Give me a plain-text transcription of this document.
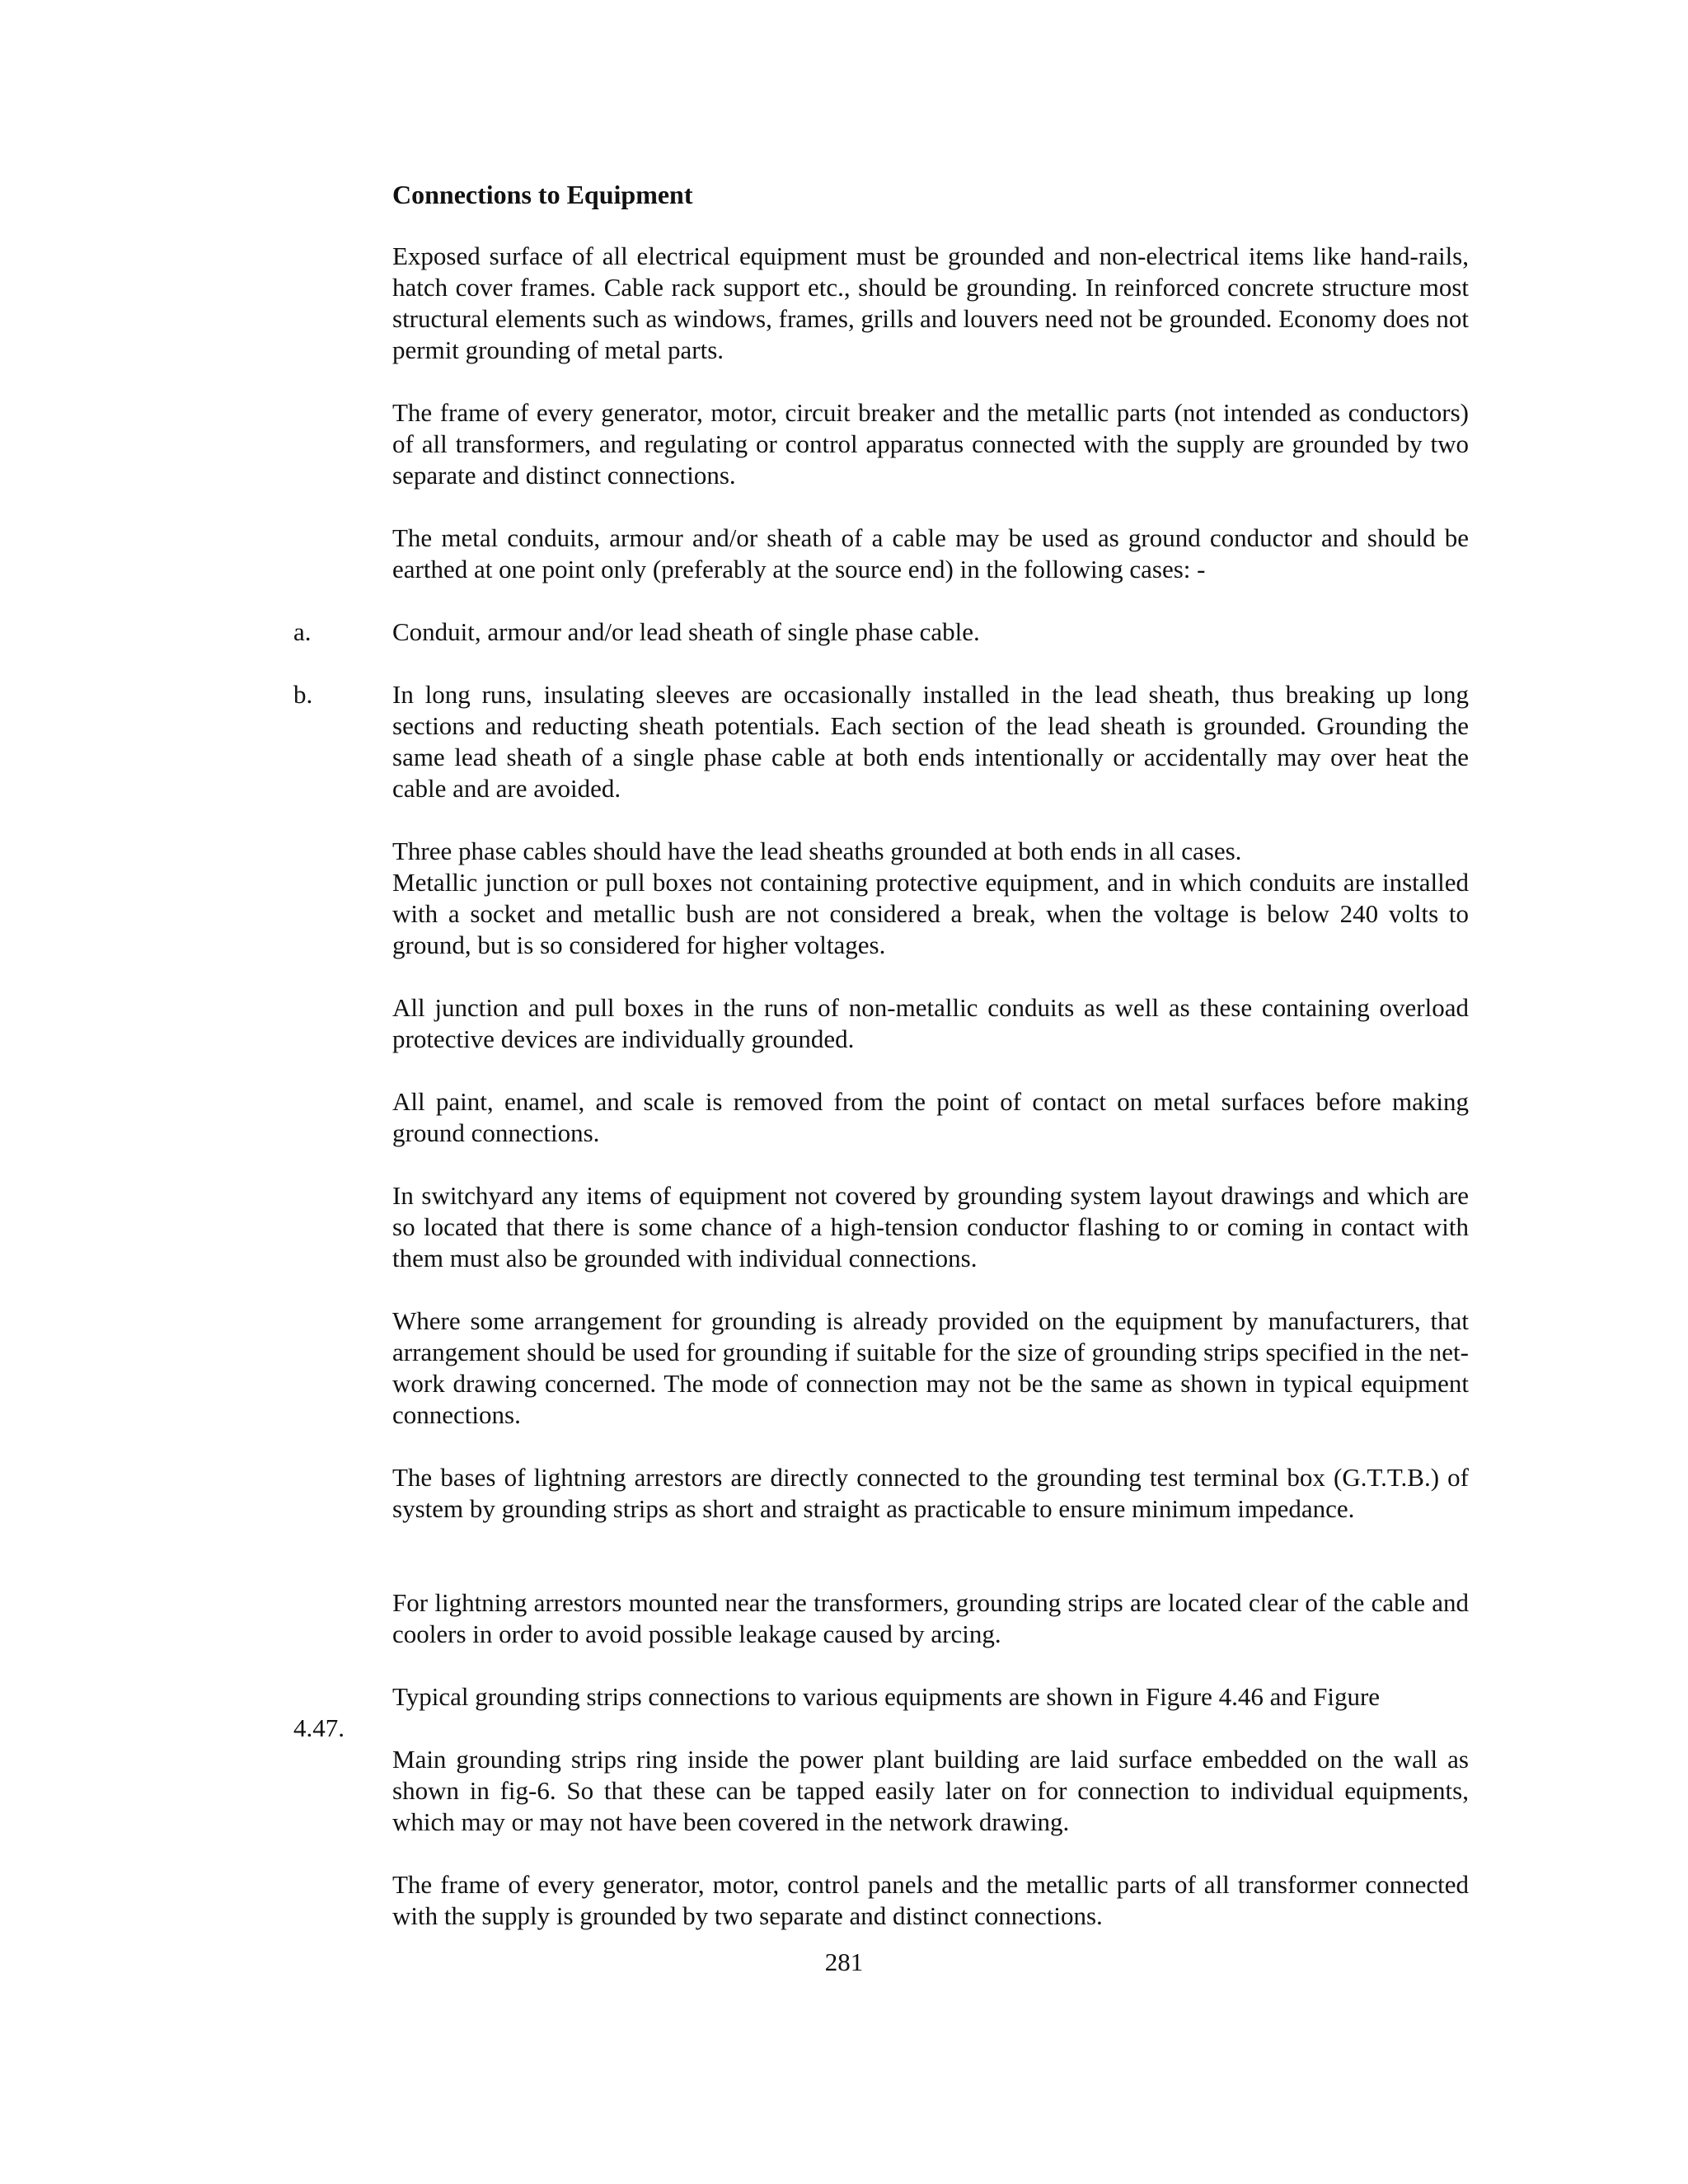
Connections to Equipment

Exposed surface of all electrical equipment must be grounded and non-electrical items like hand-rails, hatch cover frames. Cable rack support etc., should be grounding. In reinforced concrete structure most structural elements such as windows, frames, grills and louvers need not be grounded. Economy does not permit grounding of metal parts.

The frame of every generator, motor, circuit breaker and the metallic parts (not intended as conductors) of all transformers, and regulating or control apparatus connected with the supply are grounded by two separate and distinct connections.

The metal conduits, armour and/or sheath of a cable may be used as ground conductor and should be earthed at one point only (preferably at the source end) in the following cases: -

a.	Conduit, armour and/or lead sheath of single phase cable.

b.	In long runs, insulating sleeves are occasionally installed in the lead sheath, thus breaking up long sections and reducting sheath potentials. Each section of the lead sheath is grounded. Grounding the same lead sheath of a single phase cable at both ends intentionally or accidentally may over heat the cable and are avoided.

Three phase cables should have the lead sheaths grounded at both ends in all cases.

Metallic junction or pull boxes not containing protective equipment, and in which conduits are installed with a socket and metallic bush are not considered a break, when the voltage is below 240 volts to ground, but is so considered for higher voltages.

All junction and pull boxes in the runs of non-metallic conduits as well as these containing overload protective devices are individually grounded.

All paint, enamel, and scale is removed from the point of contact on metal surfaces before making ground connections.

In switchyard any items of equipment not covered by grounding system layout drawings and which are so located that there is some chance of a high-tension conductor flashing to or coming in contact with them must also be grounded with individual connections.

Where some arrangement for grounding is already provided on the equipment by manufacturers, that arrangement should be used for grounding if suitable for the size of grounding strips specified in the net-work drawing concerned. The mode of connection may not be the same as shown in typical equipment connections.

The bases of lightning arrestors are directly connected to the grounding test terminal box (G.T.T.B.) of system by grounding strips as short and straight as practicable to ensure minimum impedance.

For lightning arrestors mounted near the transformers, grounding strips are located clear of the cable and coolers in order to avoid possible leakage caused by arcing.

Typical grounding strips connections to various equipments are shown in Figure 4.46 and Figure

4.47.

Main grounding strips ring inside the power plant building are laid surface embedded on the wall as shown in fig-6. So that these can be tapped easily later on for connection to individual equipments, which may or may not have been covered in the network drawing.

The frame of every generator, motor, control panels and the metallic parts of all transformer connected with the supply is grounded by two separate and distinct connections.

281
